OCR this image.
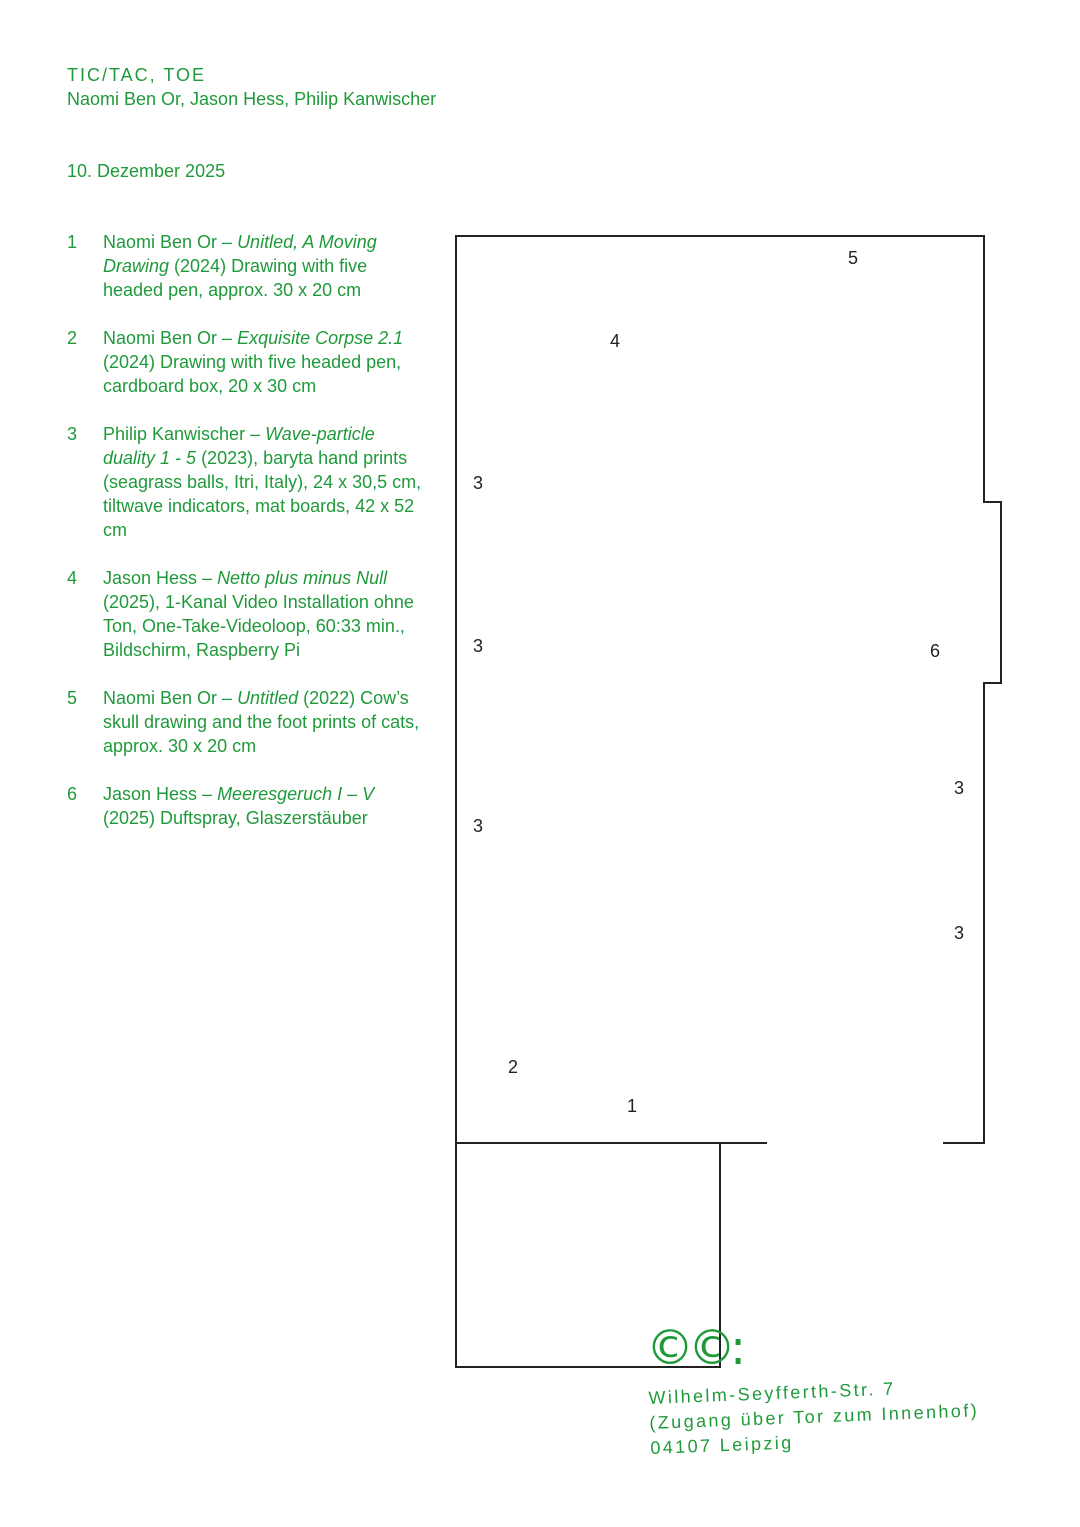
TIC/TAC, TOE
Naomi Ben Or, Jason Hess, Philip Kanwischer
10. Dezember 2025
1	Naomi Ben Or – Unitled, A Moving Drawing (2024) Drawing with five headed pen, approx. 30 x 20 cm
2	Naomi Ben Or – Exquisite Corpse 2.1 (2024) Drawing with five headed pen, cardboard box, 20 x 30 cm
3	Philip Kanwischer – Wave-particle duality 1 - 5 (2023), baryta hand prints (seagrass balls, Itri, Italy), 24 x 30,5 cm, tiltwave indicators, mat boards, 42 x 52 cm
4	Jason Hess – Netto plus minus Null (2025), 1-Kanal Video Installation ohne Ton, One-Take-Videoloop, 60:33 min., Bildschirm, Raspberry Pi
5	Naomi Ben Or – Untitled (2022) Cow’s skull drawing and the foot prints of cats, approx. 30 x 20 cm
6	Jason Hess – Meeresgeruch I – V (2025) Duftspray, Glaszerstäuber
5
4
3
3	6
3
3
3
2
1
©©:
Wilhelm-Seyfferth-Str. 7
(Zugang über Tor zum Innenhof)
04107 Leipzig
